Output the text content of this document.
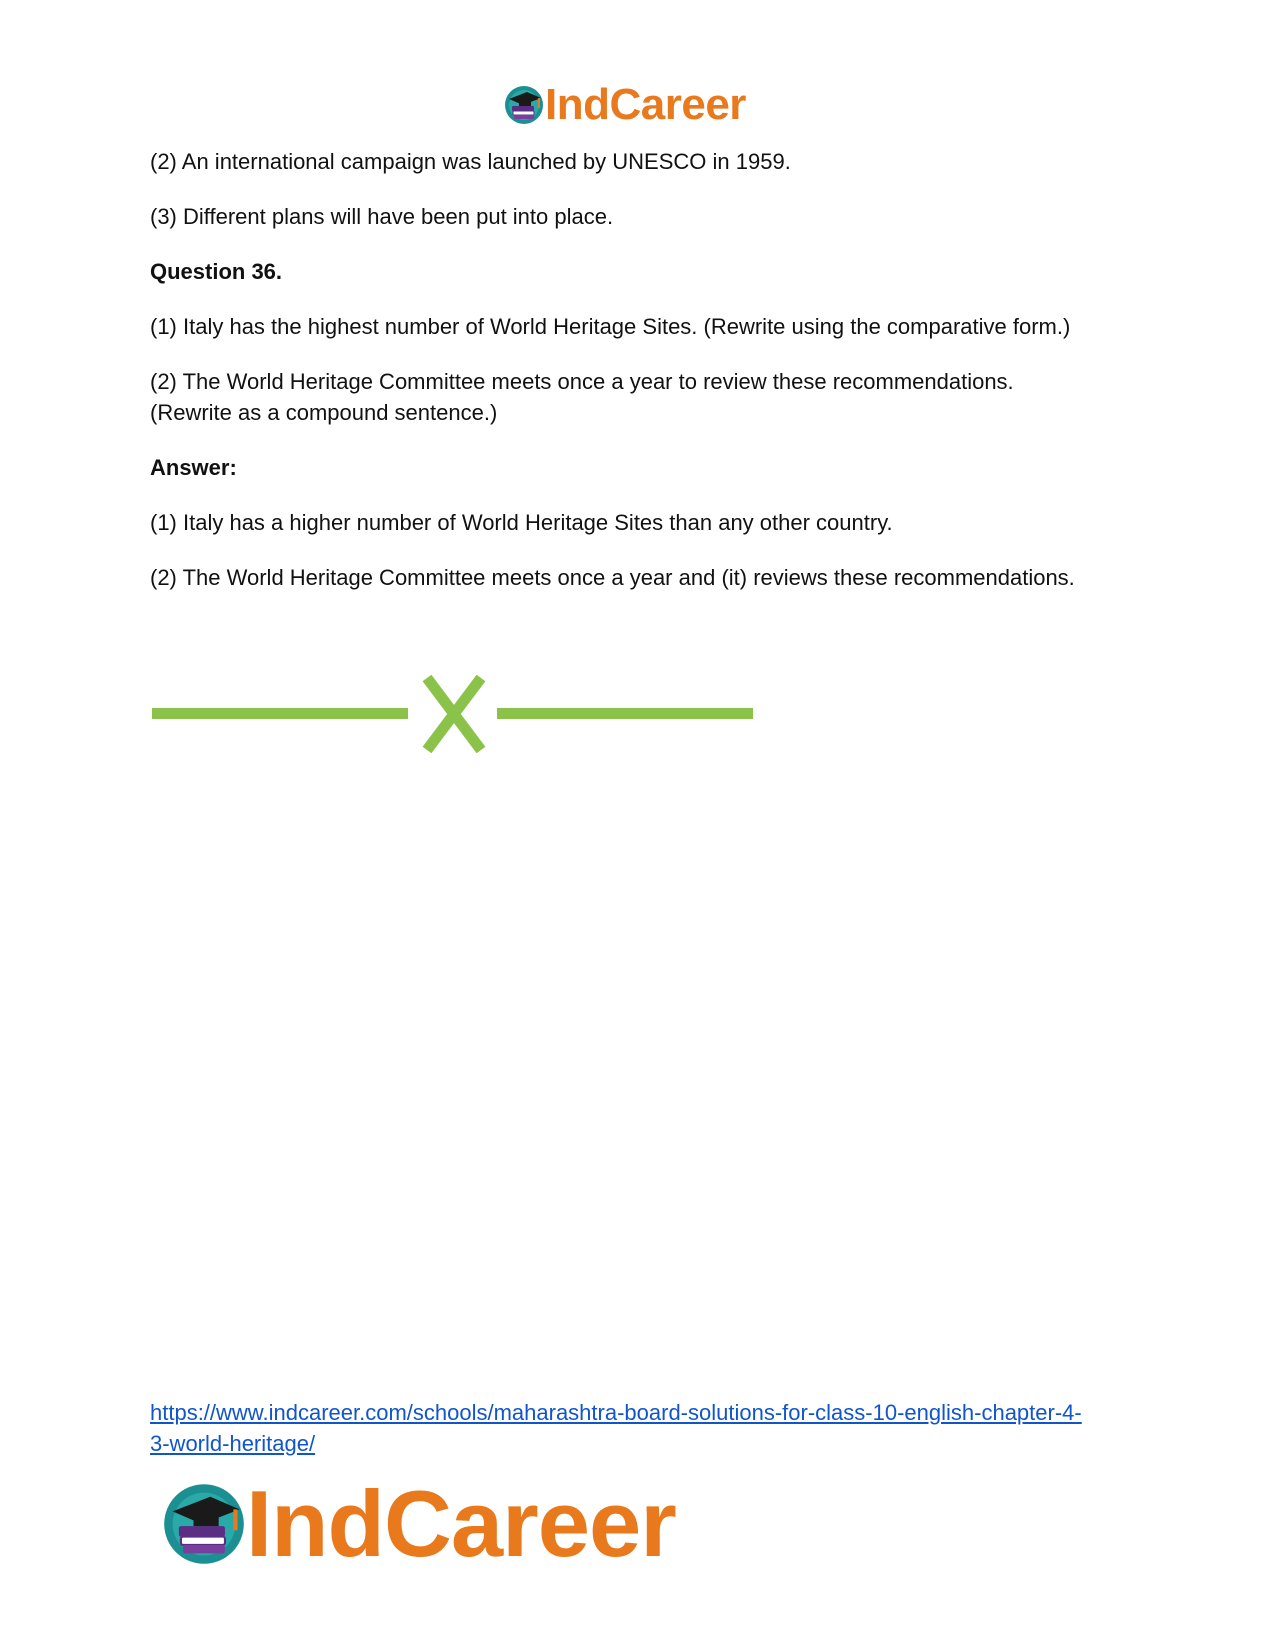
IndCareer
(2) An international campaign was launched by UNESCO in 1959.
(3) Different plans will have been put into place.
Question 36.
(1) Italy has the highest number of World Heritage Sites. (Rewrite using the comparative form.)
(2) The World Heritage Committee meets once a year to review these recommendations.
(Rewrite as a compound sentence.)
Answer:
(1) Italy has a higher number of World Heritage Sites than any other country.
(2) The World Heritage Committee meets once a year and (it) reviews these recommendations.
https://www.indcareer.com/schools/maharashtra-board-solutions-for-class-10-english-chapter-4-
3-world-heritage/
IndCareer
